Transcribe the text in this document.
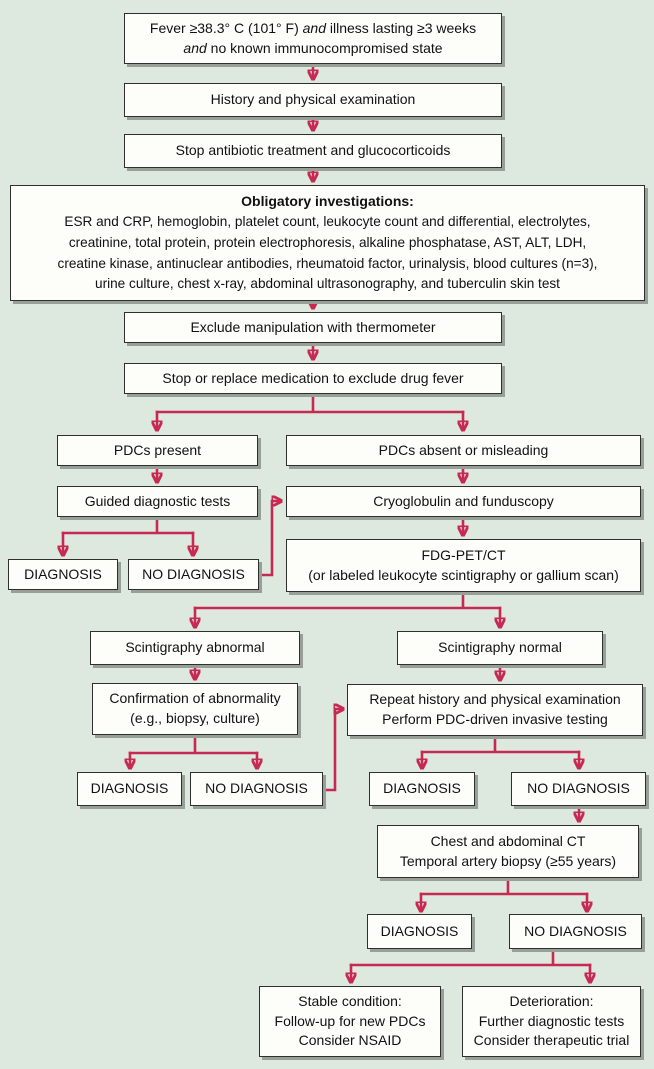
Fever ≥38.3° C (101° F) and illness lasting ≥3 weeks
and no known immunocompromised state
History and physical examination
Stop antibiotic treatment and glucocorticoids
Obligatory investigations:
ESR and CRP, hemoglobin, platelet count, leukocyte count and differential, electrolytes,
creatinine, total protein, protein electrophoresis, alkaline phosphatase, AST, ALT, LDH,
creatine kinase, antinuclear antibodies, rheumatoid factor, urinalysis, blood cultures (n=3),
urine culture, chest x-ray, abdominal ultrasonography, and tuberculin skin test
Exclude manipulation with thermometer
Stop or replace medication to exclude drug fever
PDCs present	PDCs absent or misleading
Guided diagnostic tests	Cryoglobulin and funduscopy
DIAGNOSIS	NO DIAGNOSIS
FDG-PET/CT
(or labeled leukocyte scintigraphy or gallium scan)
Scintigraphy abnormal	Scintigraphy normal
Confirmation of abnormality
(e.g., biopsy, culture)
Repeat history and physical examination
Perform PDC-driven invasive testing
DIAGNOSIS	NO DIAGNOSIS	DIAGNOSIS	NO DIAGNOSIS
Chest and abdominal CT
Temporal artery biopsy (≥55 years)
DIAGNOSIS	NO DIAGNOSIS
Stable condition:
Follow-up for new PDCs
Consider NSAID
Deterioration:
Further diagnostic tests
Consider therapeutic trial
